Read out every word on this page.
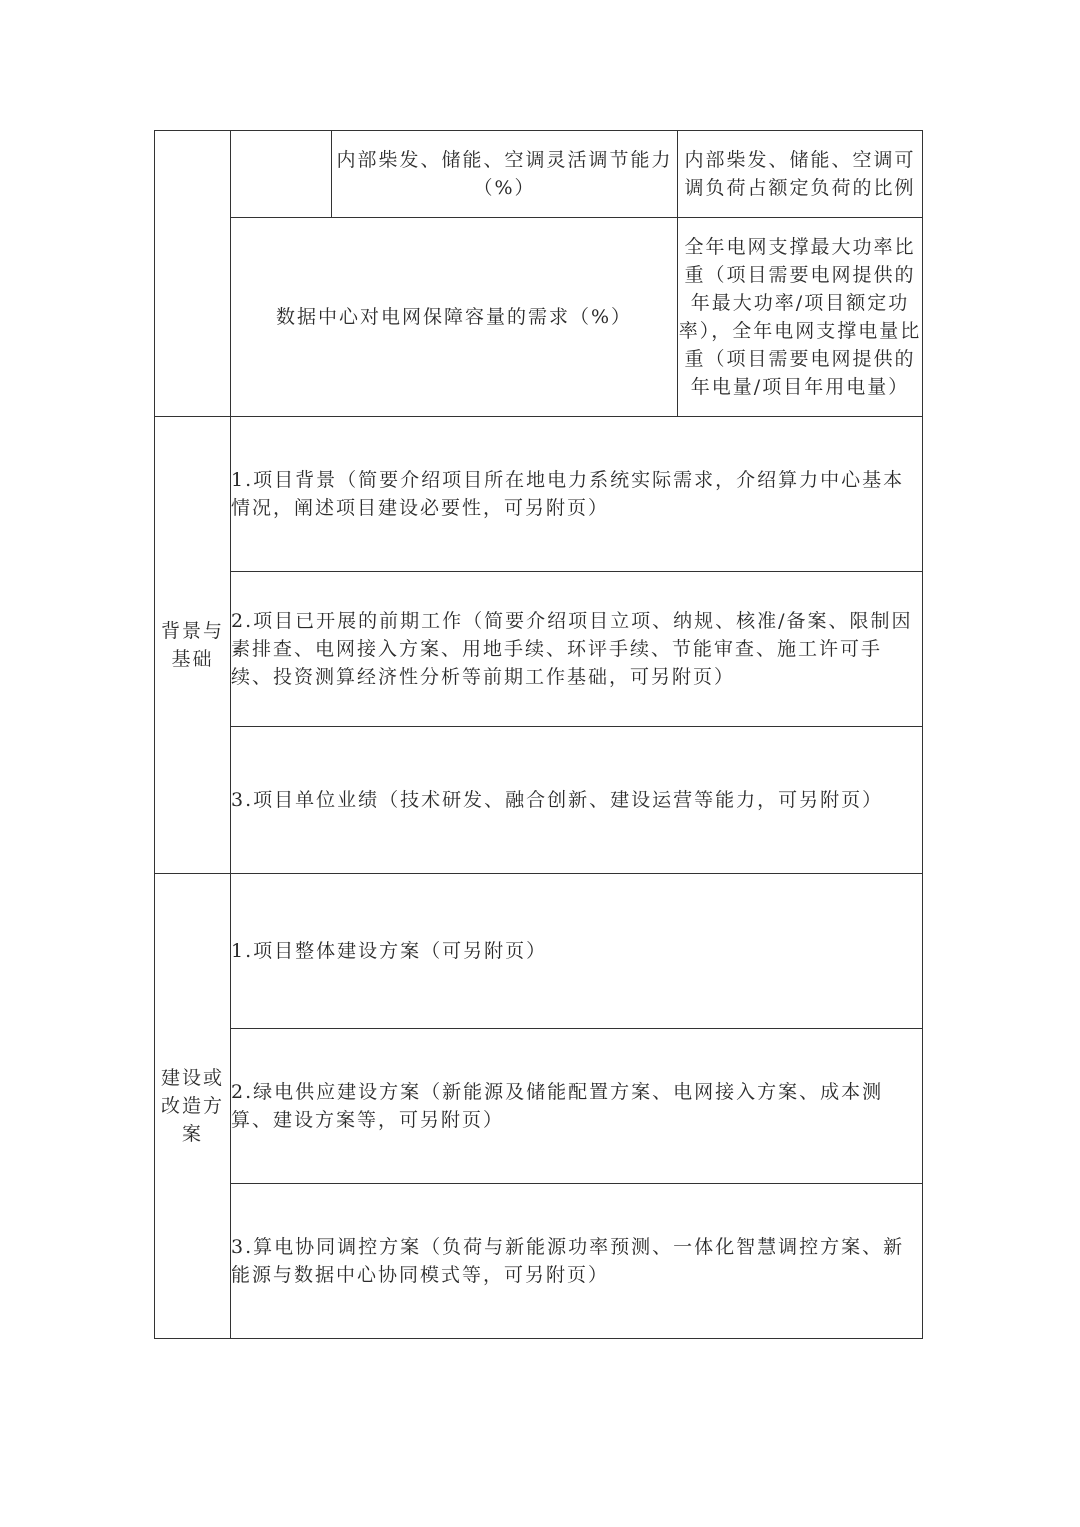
		内部柴发、储能、空调灵活调节能力（%）	内部柴发、储能、空调可调负荷占额定负荷的比例
	数据中心对电网保障容量的需求（%）		全年电网支撑最大功率比重（项目需要电网提供的年最大功率/项目额定功率），全年电网支撑电量比重（项目需要电网提供的年电量/项目年用电量）
背景与基础	1.项目背景（简要介绍项目所在地电力系统实际需求，介绍算力中心基本情况，阐述项目建设必要性，可另附页）		
	2.项目已开展的前期工作（简要介绍项目立项、纳规、核准/备案、限制因素排查、电网接入方案、用地手续、环评手续、节能审查、施工许可手续、投资测算经济性分析等前期工作基础，可另附页）		
	3.项目单位业绩（技术研发、融合创新、建设运营等能力，可另附页）		
建设或改造方案	1.项目整体建设方案（可另附页）		
	2.绿电供应建设方案（新能源及储能配置方案、电网接入方案、成本测算、建设方案等，可另附页）		
	3.算电协同调控方案（负荷与新能源功率预测、一体化智慧调控方案、新能源与数据中心协同模式等，可另附页）		
